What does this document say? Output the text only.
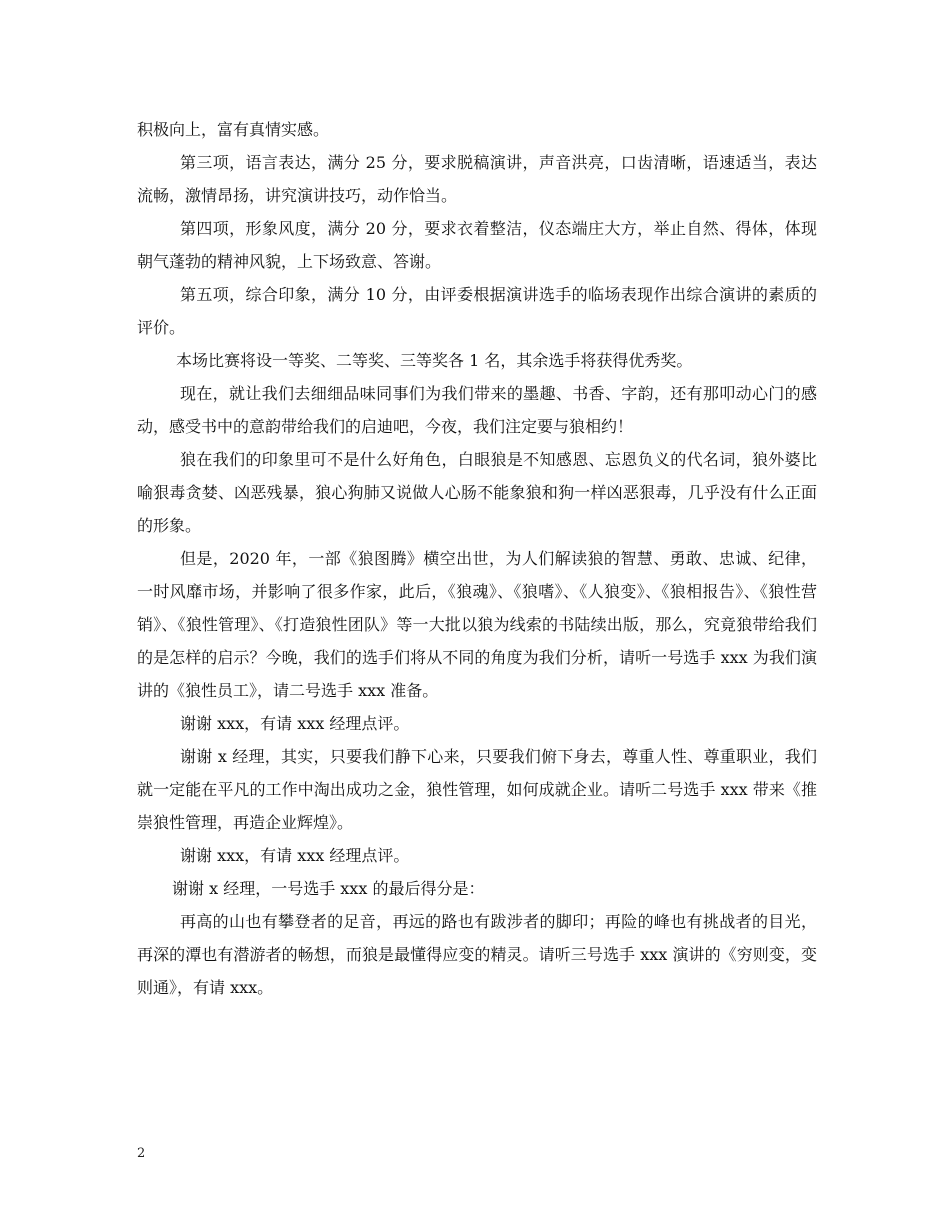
积极向上，富有真情实感。

第三项，语言表达，满分 25 分，要求脱稿演讲，声音洪亮，口齿清晰，语速适当，表达流畅，激情昂扬，讲究演讲技巧，动作恰当。

第四项，形象风度，满分 20 分，要求衣着整洁，仪态端庄大方，举止自然、得体，体现朝气蓬勃的精神风貌，上下场致意、答谢。

第五项，综合印象，满分 10 分，由评委根据演讲选手的临场表现作出综合演讲的素质的评价。

本场比赛将设一等奖、二等奖、三等奖各 1 名，其余选手将获得优秀奖。

现在，就让我们去细细品味同事们为我们带来的墨趣、书香、字韵，还有那叩动心门的感动，感受书中的意韵带给我们的启迪吧，今夜，我们注定要与狼相约！

狼在我们的印象里可不是什么好角色，白眼狼是不知感恩、忘恩负义的代名词，狼外婆比喻狠毒贪婪、凶恶残暴，狼心狗肺又说做人心肠不能象狼和狗一样凶恶狠毒，几乎没有什么正面的形象。

但是，2020 年，一部《狼图腾》横空出世，为人们解读狼的智慧、勇敢、忠诚、纪律，一时风靡市场，并影响了很多作家，此后，《狼魂》、《狼嗜》、《人狼变》、《狼相报告》、《狼性营销》、《狼性管理》、《打造狼性团队》等一大批以狼为线索的书陆续出版，那么，究竟狼带给我们的是怎样的启示？今晚，我们的选手们将从不同的角度为我们分析，请听一号选手 xxx 为我们演讲的《狼性员工》，请二号选手 xxx 准备。

谢谢 xxx，有请 xxx 经理点评。

谢谢 x 经理，其实，只要我们静下心来，只要我们俯下身去，尊重人性、尊重职业，我们就一定能在平凡的工作中淘出成功之金，狼性管理，如何成就企业。请听二号选手 xxx 带来《推崇狼性管理，再造企业辉煌》。

谢谢 xxx，有请 xxx 经理点评。

谢谢 x 经理，一号选手 xxx 的最后得分是：

再高的山也有攀登者的足音，再远的路也有跋涉者的脚印；再险的峰也有挑战者的目光，再深的潭也有潜游者的畅想，而狼是最懂得应变的精灵。请听三号选手 xxx 演讲的《穷则变，变则通》，有请 xxx。

2
